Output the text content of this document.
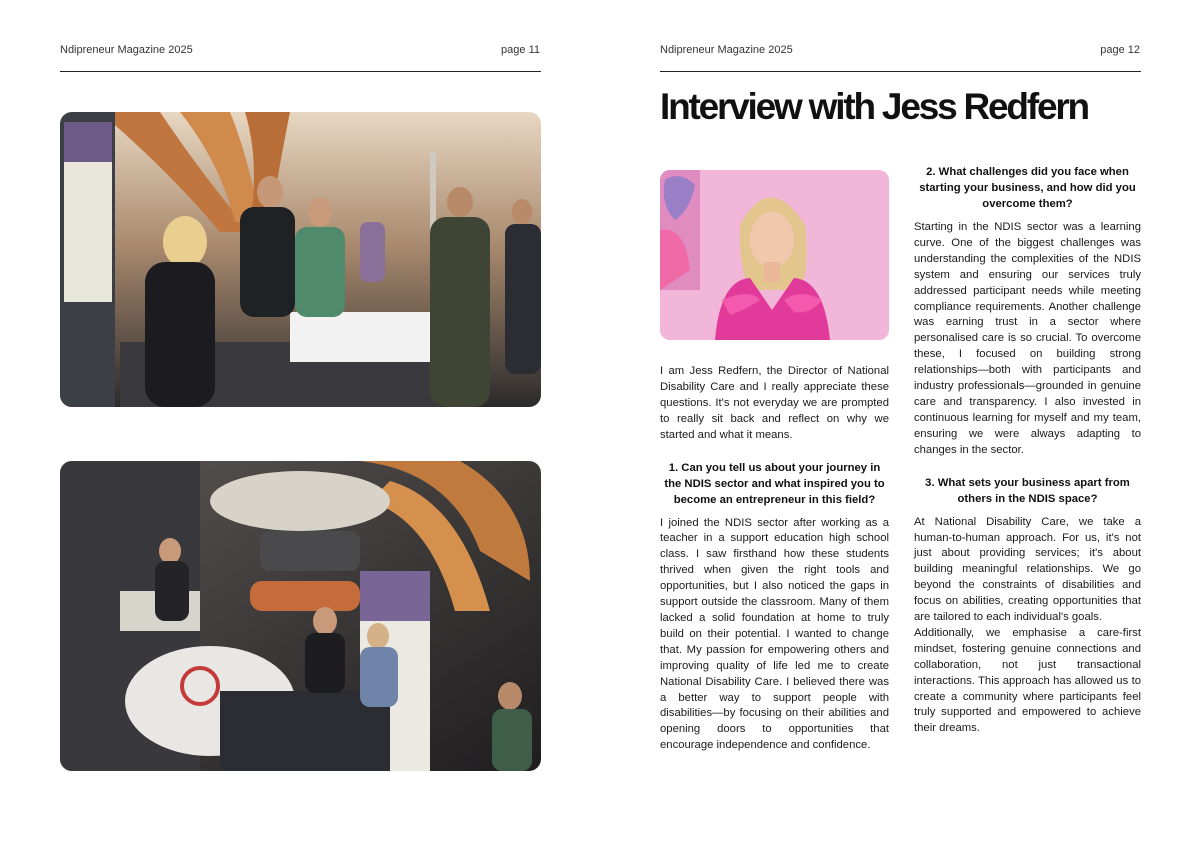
Ndipreneur Magazine 2025	page 11	Ndipreneur Magazine 2025	page 12
Interview with Jess Redfern

I am Jess Redfern, the Director of National Disability Care and I really appreciate these questions. It's not everyday we are prompted to really sit back and reflect on why we started and what it means.

1. Can you tell us about your journey in the NDIS sector and what inspired you to become an entrepreneur in this field?

I joined the NDIS sector after working as a teacher in a support education high school class. I saw firsthand how these students thrived when given the right tools and opportunities, but I also noticed the gaps in support outside the classroom. Many of them lacked a solid foundation at home to truly build on their potential. I wanted to change that. My passion for empowering others and improving quality of life led me to create National Disability Care. I believed there was a better way to support people with disabilities—by focusing on their abilities and opening doors to opportunities that encourage independence and confidence.

2. What challenges did you face when starting your business, and how did you overcome them?

Starting in the NDIS sector was a learning curve. One of the biggest challenges was understanding the complexities of the NDIS system and ensuring our services truly addressed participant needs while meeting compliance requirements. Another challenge was earning trust in a sector where personalised care is so crucial. To overcome these, I focused on building strong relationships—both with participants and industry professionals—grounded in genuine care and transparency. I also invested in continuous learning for myself and my team, ensuring we were always adapting to changes in the sector.

3. What sets your business apart from others in the NDIS space?

At National Disability Care, we take a human-to-human approach. For us, it's not just about providing services; it's about building meaningful relationships. We go beyond the constraints of disabilities and focus on abilities, creating opportunities that are tailored to each individual's goals.

Additionally, we emphasise a care-first mindset, fostering genuine connections and collaboration, not just transactional interactions. This approach has allowed us to create a community where participants feel truly supported and empowered to achieve their dreams.
